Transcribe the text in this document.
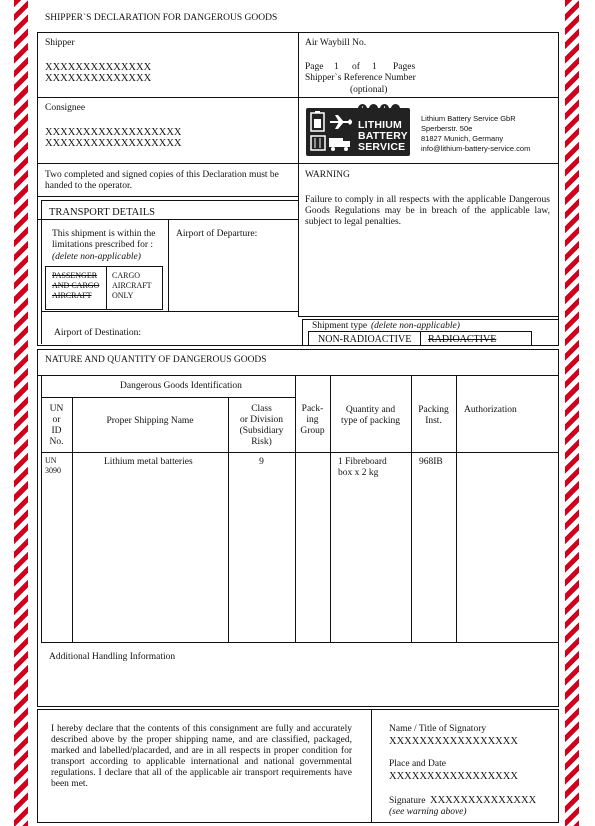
SHIPPER`S DECLARATION FOR DANGEROUS GOODS
Shipper
XXXXXXXXXXXXXX
XXXXXXXXXXXXXX
Air Waybill No.
Page 1 of 1 Pages
Shipper`s Reference Number
(optional)
Consignee
XXXXXXXXXXXXXXXXXX
XXXXXXXXXXXXXXXXXX
LITHIUM
BATTERY
SERVICE
Lithium Battery Service GbR
Sperberstr. 50e
81827 Munich, Germany
info@lithium-battery-service.com
Two completed and signed copies of this Declaration must be handed to the operator.
WARNING
Failure to comply in all respects with the applicable Dangerous Goods Regulations may be in breach of the applicable law, subject to legal penalties.
TRANSPORT DETAILS
This shipment is within the
limitations prescribed for :
(delete non-applicable)
PASSENGER
AND CARGO
AIRCRAFT
CARGO
AIRCRAFT
ONLY
Airport of Departure:
Airport of Destination:
Shipment type (delete non-applicable)
NON-RADIOACTIVE RADIOACTIVE
NATURE AND QUANTITY OF DANGEROUS GOODS
Dangerous Goods Identification
UN
or
ID
No.
Proper Shipping Name
Class
or Division
(Subsidiary
Risk)
Pack-
ing
Group
Quantity and
type of packing
Packing
Inst.
Authorization
UN
3090
Lithium metal batteries	9	1 Fibreboard
box x 2 kg
968IB
Additional Handling Information
I hereby declare that the contents of this consignment are fully and accurately described above by the proper shipping name, and are classified, packaged, marked and labelled/placarded, and are in all respects in proper condition for transport according to applicable international and national governmental regulations. I declare that all of the applicable air transport requirements have been met.
Name / Title of Signatory
XXXXXXXXXXXXXXXXX
Place and Date
XXXXXXXXXXXXXXXXX
Signature XXXXXXXXXXXXXX
(see warning above)
